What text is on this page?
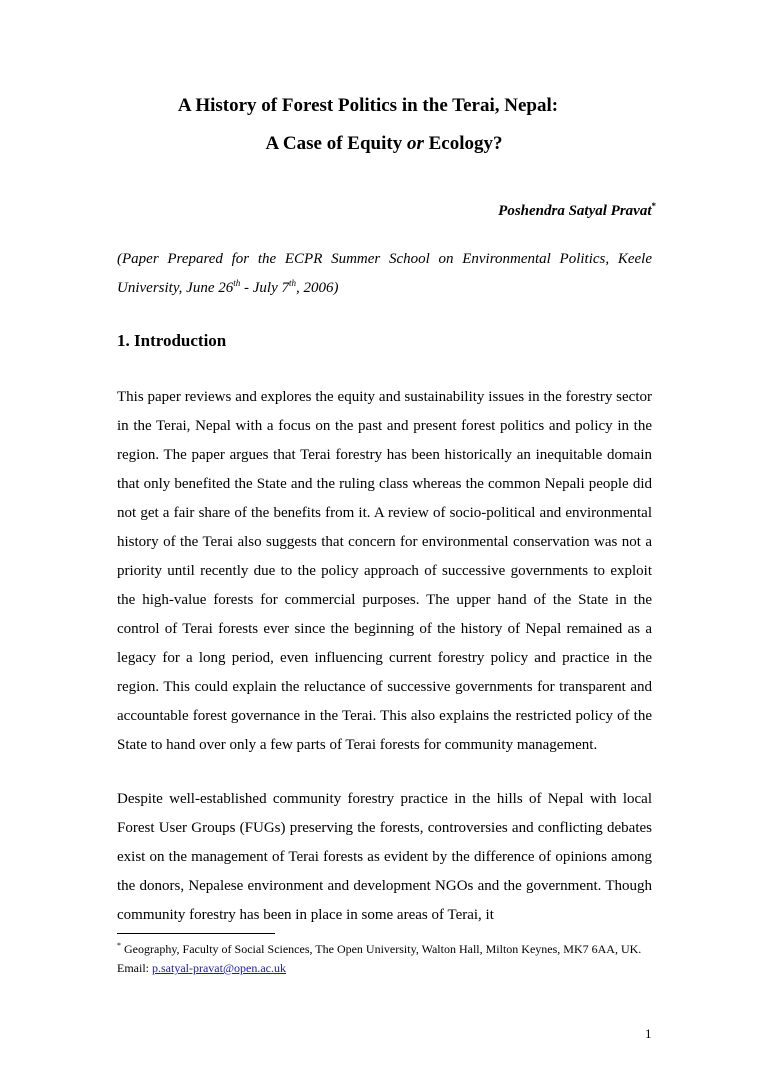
A History of Forest Politics in the Terai, Nepal:
A Case of Equity or Ecology?
Poshendra Satyal Pravat*
(Paper Prepared for the ECPR Summer School on Environmental Politics, Keele University, June 26th - July 7th, 2006)
1. Introduction

This paper reviews and explores the equity and sustainability issues in the forestry sector in the Terai, Nepal with a focus on the past and present forest politics and policy in the region. The paper argues that Terai forestry has been historically an inequitable domain that only benefited the State and the ruling class whereas the common Nepali people did not get a fair share of the benefits from it. A review of socio-political and environmental history of the Terai also suggests that concern for environmental conservation was not a priority until recently due to the policy approach of successive governments to exploit the high-value forests for commercial purposes. The upper hand of the State in the control of Terai forests ever since the beginning of the history of Nepal remained as a legacy for a long period, even influencing current forestry policy and practice in the region. This could explain the reluctance of successive governments for transparent and accountable forest governance in the Terai. This also explains the restricted policy of the State to hand over only a few parts of Terai forests for community management.

Despite well-established community forestry practice in the hills of Nepal with local Forest User Groups (FUGs) preserving the forests, controversies and conflicting debates exist on the management of Terai forests as evident by the difference of opinions among the donors, Nepalese environment and development NGOs and the government. Though community forestry has been in place in some areas of Terai, it

* Geography, Faculty of Social Sciences, The Open University, Walton Hall, Milton Keynes, MK7 6AA, UK. Email: p.satyal-pravat@open.ac.uk
1
